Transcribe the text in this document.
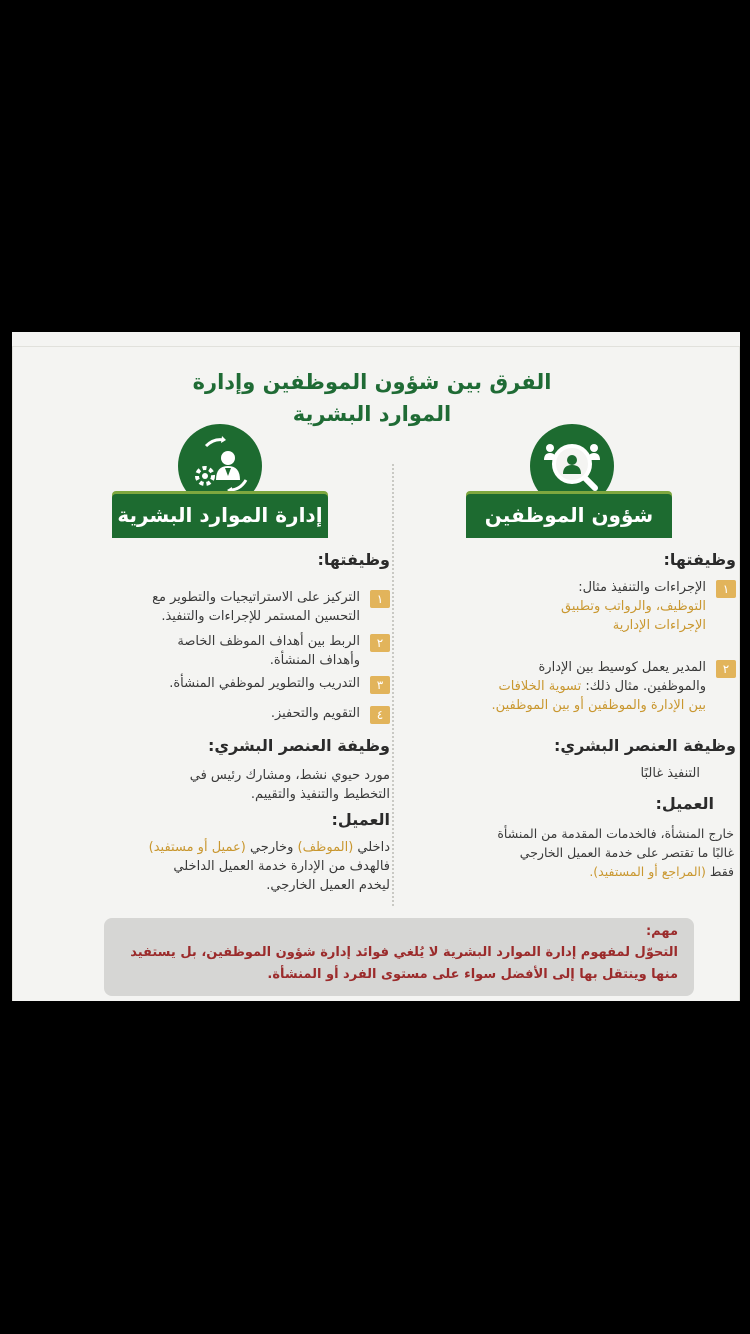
الفرق بين شؤون الموظفين وإدارة
الموارد البشرية
إدارة الموارد البشرية	شؤون الموظفين
وظيفتها:
١
التركيز على الاستراتيجيات والتطوير مع
التحسين المستمر للإجراءات والتنفيذ.
٢
الربط بين أهداف الموظف الخاصة
وأهداف المنشأة.
٣
التدريب والتطوير لموظفي المنشأة.
٤
التقويم والتحفيز.
وظيفة العنصر البشري:
مورد حيوي نشط، ومشارك رئيس في
التخطيط والتنفيذ والتقييم.
العميل:
داخلي (الموظف) وخارجي (عميل أو مستفيد)
فالهدف من الإدارة خدمة العميل الداخلي
ليخدم العميل الخارجي.
وظيفتها:
١
الإجراءات والتنفيذ مثال:
التوظيف، والرواتب وتطبيق
الإجراءات الإدارية
٢
المدير يعمل كوسيط بين الإدارة
والموظفين. مثال ذلك: تسوية الخلافات
بين الإدارة والموظفين أو بين الموظفين.
وظيفة العنصر البشري:
التنفيذ غالبًا
العميل:
خارج المنشأة، فالخدمات المقدمة من المنشأة
غالبًا ما تقتصر على خدمة العميل الخارجي
فقط (المراجع أو المستفيد).
مهم:
التحوّل لمفهوم إدارة الموارد البشرية لا يُلغي فوائد إدارة شؤون الموظفين، بل يستفيد منها وينتقل بها إلى الأفضل سواء على مستوى الفرد أو المنشأة.
